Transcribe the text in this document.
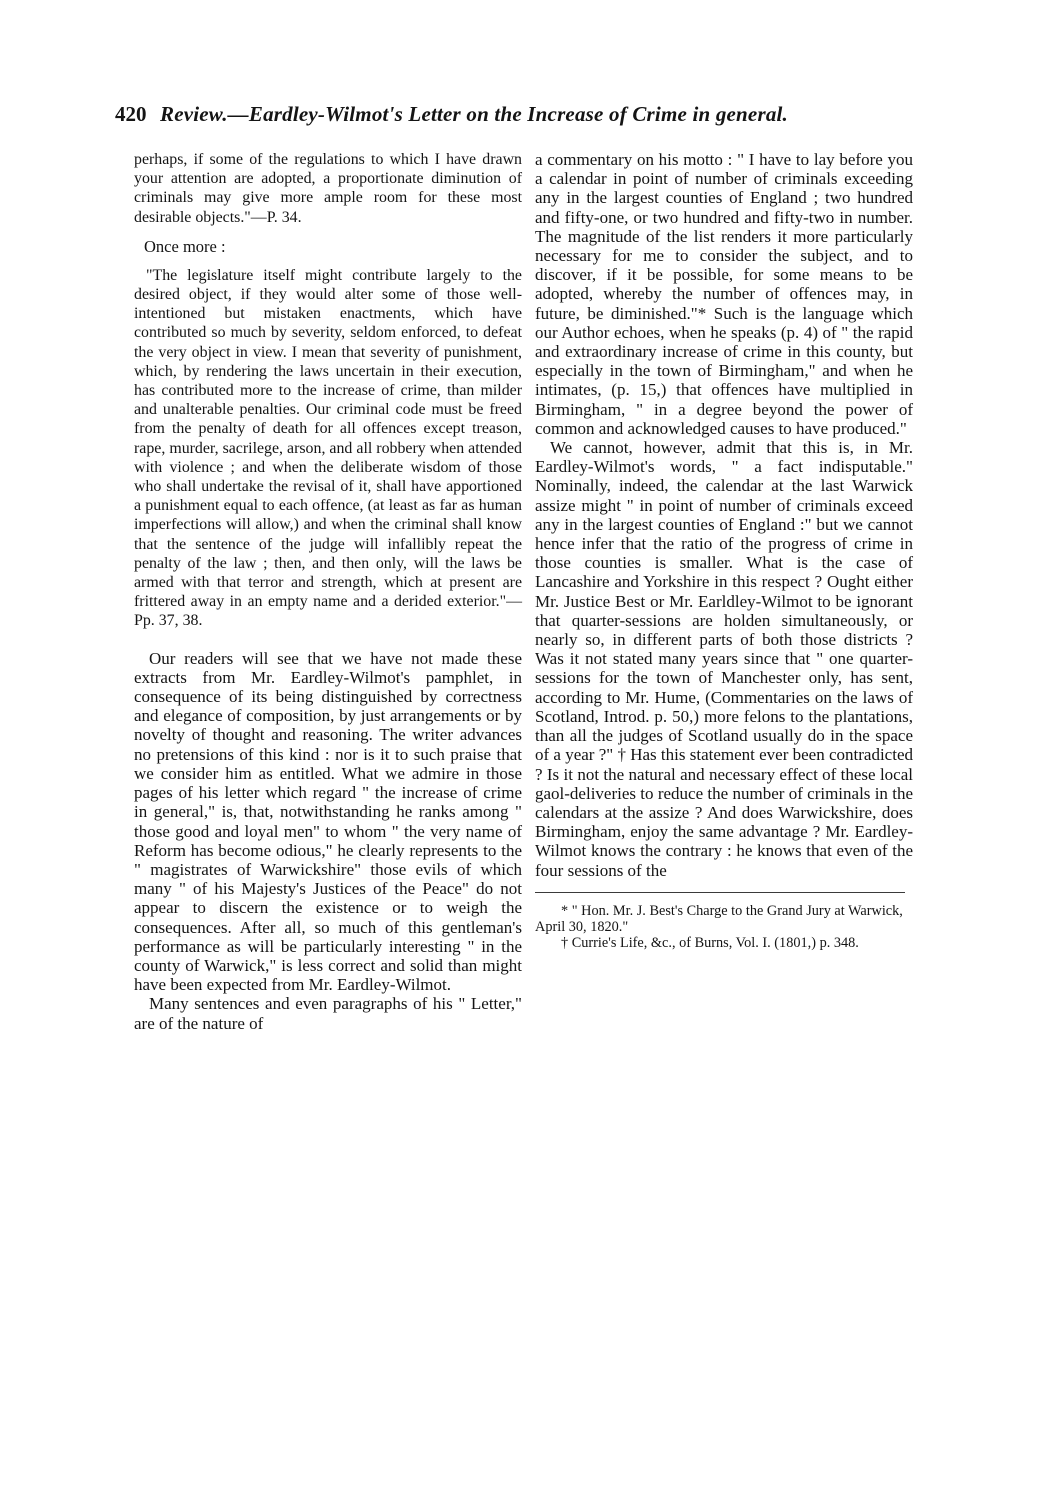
420 Review.—Eardley-Wilmot's Letter on the Increase of Crime in general.

perhaps, if some of the regulations to which I have drawn your attention are adopted, a proportionate diminution of criminals may give more ample room for these most desirable objects."—P. 34.

Once more :

"The legislature itself might contribute largely to the desired object, if they would alter some of those well-intentioned but mistaken enactments, which have contributed so much by severity, seldom enforced, to defeat the very object in view. I mean that severity of punishment, which, by rendering the laws uncertain in their execution, has contributed more to the increase of crime, than milder and unalterable penalties. Our criminal code must be freed from the penalty of death for all offences except treason, rape, murder, sacrilege, arson, and all robbery when attended with violence ; and when the deliberate wisdom of those who shall undertake the revisal of it, shall have apportioned a punishment equal to each offence, (at least as far as human imperfections will allow,) and when the criminal shall know that the sentence of the judge will infallibly repeat the penalty of the law ; then, and then only, will the laws be armed with that terror and strength, which at present are frittered away in an empty name and a derided exterior."—Pp. 37, 38.

Our readers will see that we have not made these extracts from Mr. Eardley-Wilmot's pamphlet, in consequence of its being distinguished by correctness and elegance of composition, by just arrangements or by novelty of thought and reasoning. The writer advances no pretensions of this kind : nor is it to such praise that we consider him as entitled. What we admire in those pages of his letter which regard " the increase of crime in general," is, that, notwithstanding he ranks among " those good and loyal men" to whom " the very name of Reform has become odious," he clearly represents to the " magistrates of Warwickshire" those evils of which many " of his Majesty's Justices of the Peace" do not appear to discern the existence or to weigh the consequences. After all, so much of this gentleman's performance as will be particularly interesting " in the county of Warwick," is less correct and solid than might have been expected from Mr. Eardley-Wilmot.

Many sentences and even paragraphs of his " Letter," are of the nature of

a commentary on his motto : " I have to lay before you a calendar in point of number of criminals exceeding any in the largest counties of England ; two hundred and fifty-one, or two hundred and fifty-two in number. The magnitude of the list renders it more particularly necessary for me to consider the subject, and to discover, if it be possible, for some means to be adopted, whereby the number of offences may, in future, be diminished."* Such is the language which our Author echoes, when he speaks (p. 4) of " the rapid and extraordinary increase of crime in this county, but especially in the town of Birmingham," and when he intimates, (p. 15,) that offences have multiplied in Birmingham, " in a degree beyond the power of common and acknowledged causes to have produced."

We cannot, however, admit that this is, in Mr. Eardley-Wilmot's words, " a fact indisputable." Nominally, indeed, the calendar at the last Warwick assize might " in point of number of criminals exceed any in the largest counties of England :" but we cannot hence infer that the ratio of the progress of crime in those counties is smaller. What is the case of Lancashire and Yorkshire in this respect ? Ought either Mr. Justice Best or Mr. Earldley-Wilmot to be ignorant that quarter-sessions are holden simultaneously, or nearly so, in different parts of both those districts ? Was it not stated many years since that " one quarter-sessions for the town of Manchester only, has sent, according to Mr. Hume, (Commentaries on the laws of Scotland, Introd. p. 50,) more felons to the plantations, than all the judges of Scotland usually do in the space of a year ?" † Has this statement ever been contradicted ? Is it not the natural and necessary effect of these local gaol-deliveries to reduce the number of criminals in the calendars at the assize ? And does Warwickshire, does Birmingham, enjoy the same advantage ? Mr. Eardley-Wilmot knows the contrary : he knows that even of the four sessions of the

* " Hon. Mr. J. Best's Charge to the Grand Jury at Warwick, April 30, 1820."

† Currie's Life, &c., of Burns, Vol. I. (1801,) p. 348.
